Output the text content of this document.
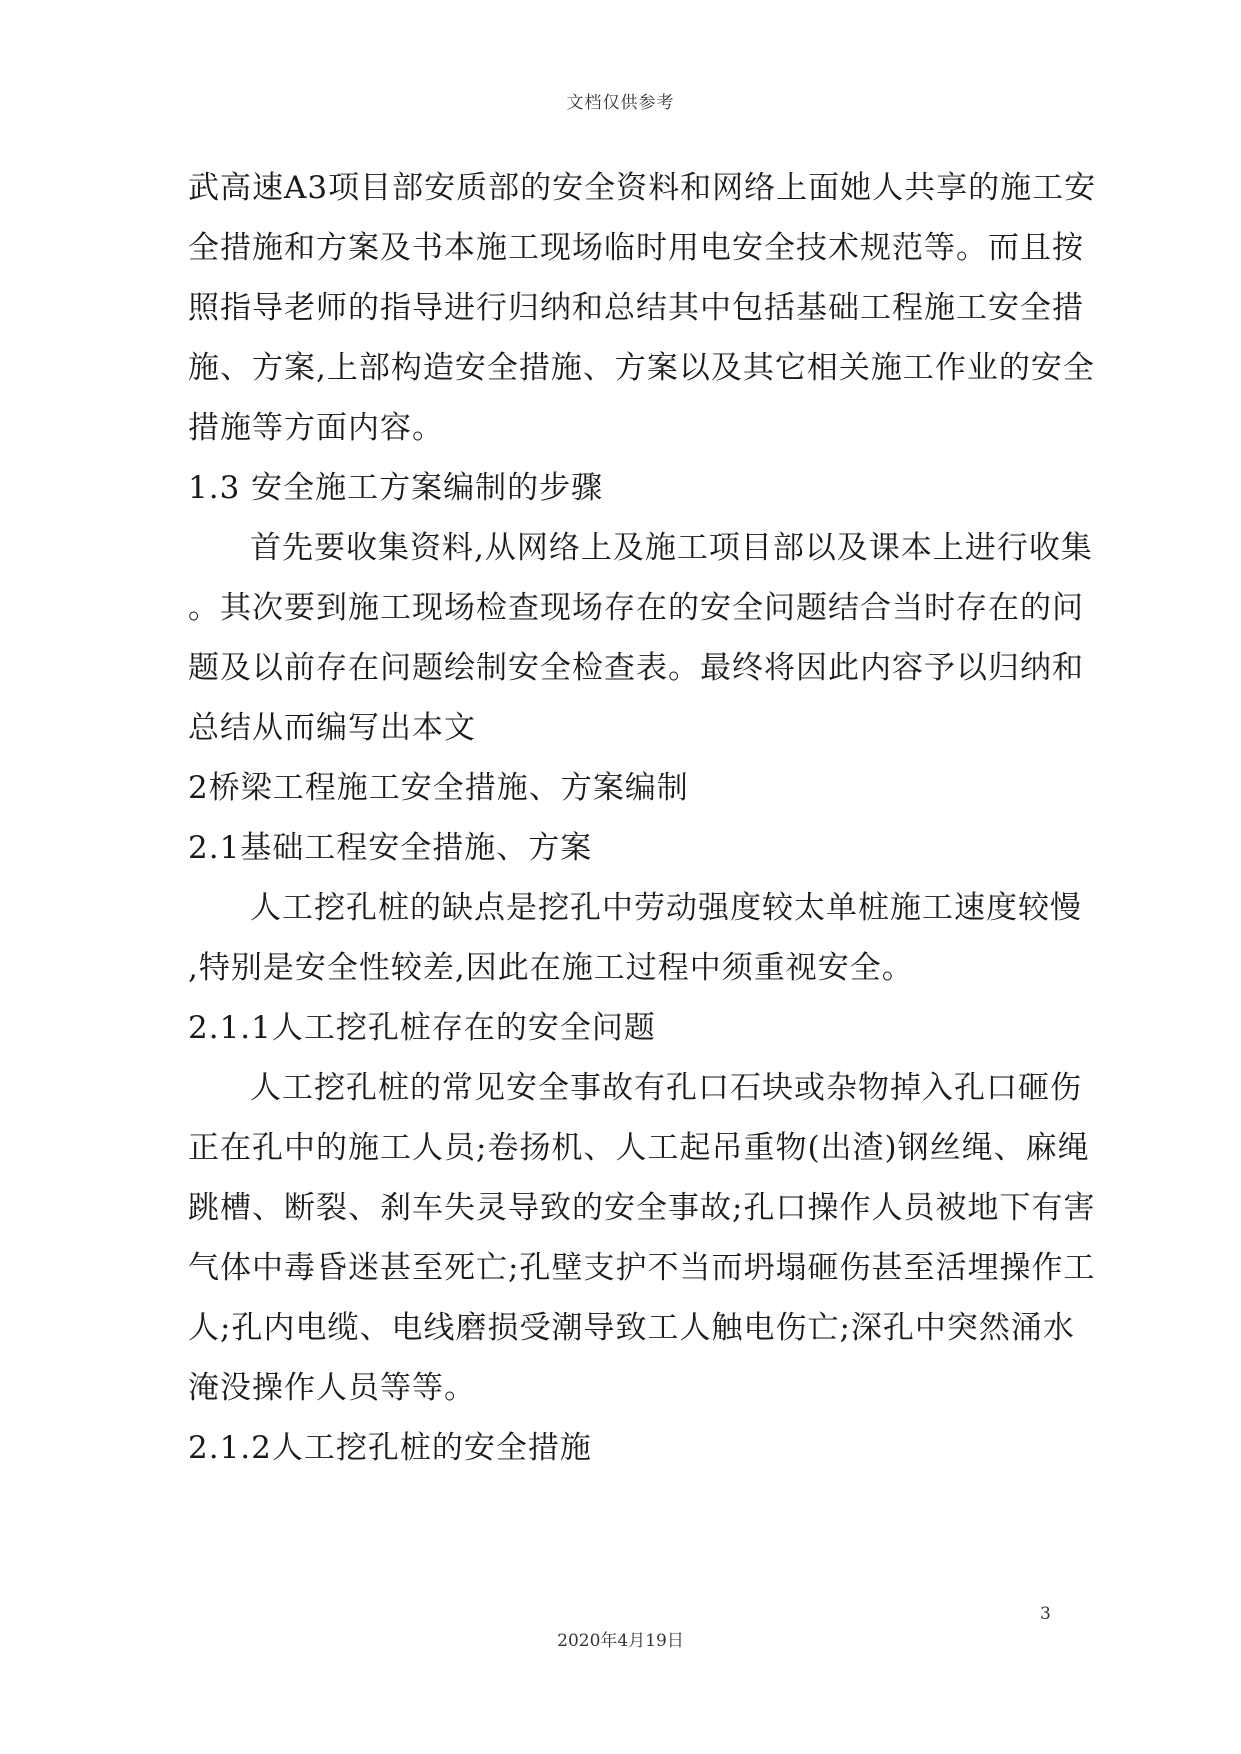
文档仅供参考

武高速A3项目部安质部的安全资料和网络上面她人共享的施工安

全措施和方案及书本施工现场临时用电安全技术规范等。而且按

照指导老师的指导进行归纳和总结其中包括基础工程施工安全措

施、方案,上部构造安全措施、方案以及其它相关施工作业的安全

措施等方面内容。

1.3 安全施工方案编制的步骤

首先要收集资料,从网络上及施工项目部以及课本上进行收集

。其次要到施工现场检查现场存在的安全问题结合当时存在的问

题及以前存在问题绘制安全检查表。最终将因此内容予以归纳和

总结从而编写出本文

2桥梁工程施工安全措施、方案编制

2.1基础工程安全措施、方案

人工挖孔桩的缺点是挖孔中劳动强度较太单桩施工速度较慢

,特别是安全性较差,因此在施工过程中须重视安全。

2.1.1人工挖孔桩存在的安全问题

人工挖孔桩的常见安全事故有孔口石块或杂物掉入孔口砸伤

正在孔中的施工人员;卷扬机、人工起吊重物(出渣)钢丝绳、麻绳

跳槽、断裂、刹车失灵导致的安全事故;孔口操作人员被地下有害

气体中毒昏迷甚至死亡;孔壁支护不当而坍塌砸伤甚至活埋操作工

人;孔内电缆、电线磨损受潮导致工人触电伤亡;深孔中突然涌水

淹没操作人员等等。

2.1.2人工挖孔桩的安全措施

3
2020年4月19日
